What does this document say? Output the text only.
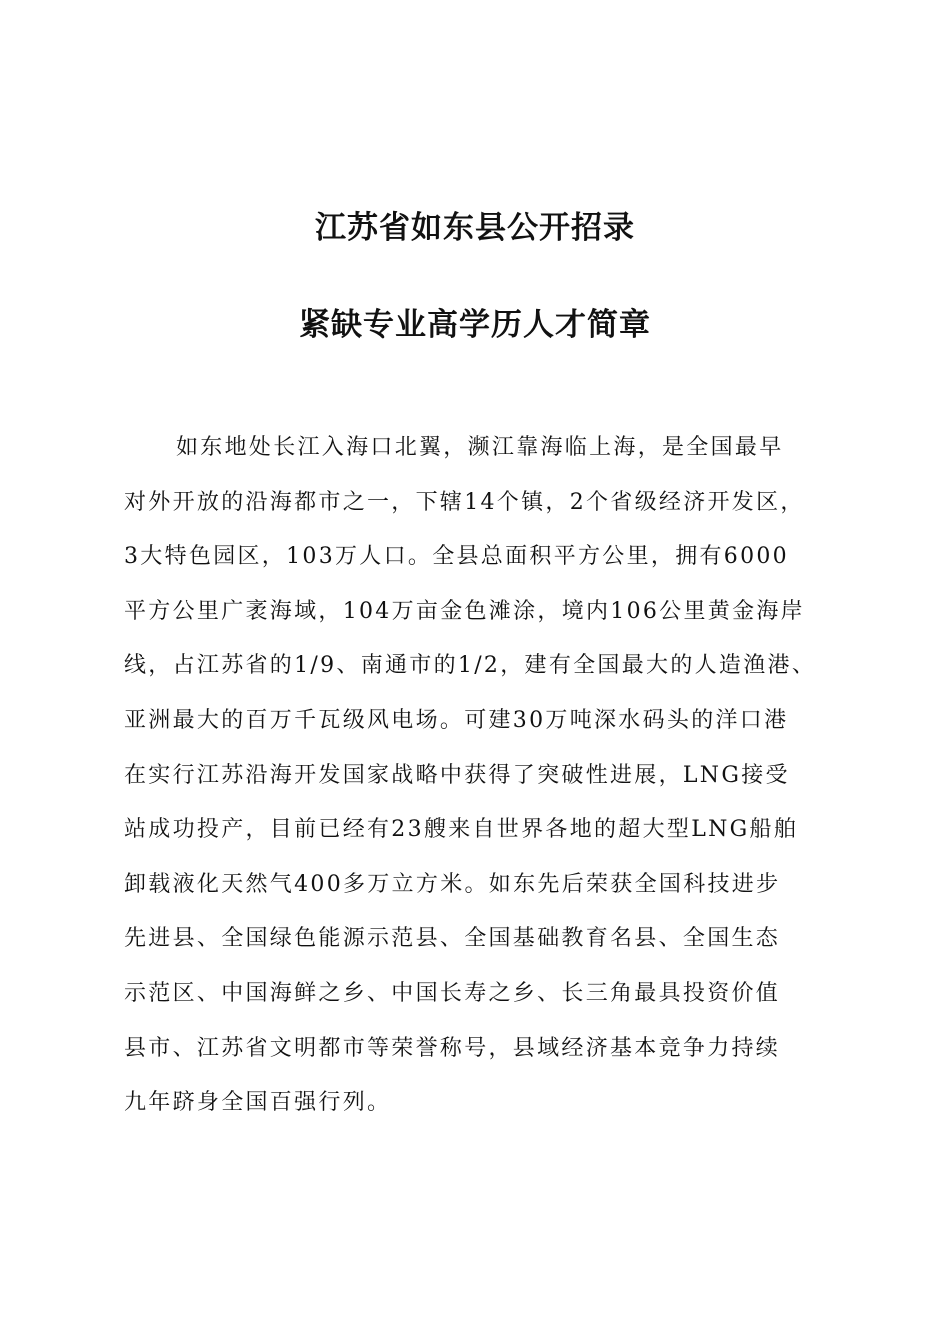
江苏省如东县公开招录
紧缺专业高学历人才简章
如东地处长江入海口北翼，濒江靠海临上海，是全国最早
对外开放的沿海都市之一，下辖14个镇，2个省级经济开发区，
3大特色园区，103万人口。全县总面积平方公里，拥有6000
平方公里广袤海域，104万亩金色滩涂，境内106公里黄金海岸
线，占江苏省的1/9、南通市的1/2，建有全国最大的人造渔港、
亚洲最大的百万千瓦级风电场。可建30万吨深水码头的洋口港
在实行江苏沿海开发国家战略中获得了突破性进展，LNG接受
站成功投产，目前已经有23艘来自世界各地的超大型LNG船舶
卸载液化天然气400多万立方米。如东先后荣获全国科技进步
先进县、全国绿色能源示范县、全国基础教育名县、全国生态
示范区、中国海鲜之乡、中国长寿之乡、长三角最具投资价值
县市、江苏省文明都市等荣誉称号，县域经济基本竞争力持续
九年跻身全国百强行列。
